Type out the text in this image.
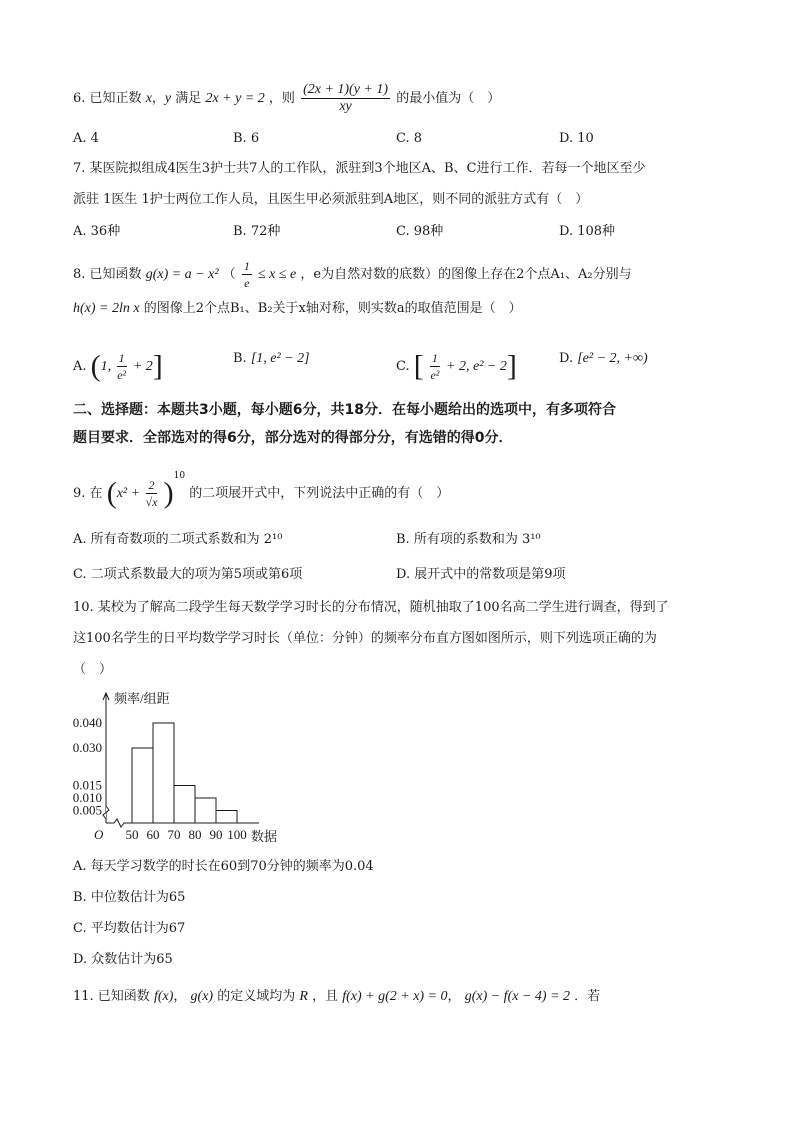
6. 已知正数 x，y 满足 2x + y = 2 ，则 $\frac{(2x + 1)(y + 1)}{xy}$ 的最小值为（　）
A. 4	B. 6	C. 8	D. 10
7. 某医院拟组成4医生3护士共7人的工作队，派驻到3个地区A、B、C进行工作．若每一个地区至少
派驻 1医生 1护士两位工作人员，且医生甲必须派驻到A地区，则不同的派驻方式有（　）
A. 36种	B. 72种	C. 98种	D. 108种
8. 已知函数 g(x) = a − x² （ $\frac{1}{e} \le x \le e$ ，e为自然对数的底数）的图像上存在2个点A₁、A₂分别与
h(x) = 2ln x 的图像上2个点B₁、B₂关于x轴对称，则实数a的取值范围是（　）
A. (1, $\frac{1}{\text{e²}} + 2$]	B. [1, e² − 2]
C. [ $\frac{1}{\text{e²}} + 2$, e² − 2]	D. [e² − 2, +∞)
二、选择题：本题共3小题，每小题6分，共18分．在每小题给出的选项中，有多项符合
题目要求．全部选对的得6分，部分选对的得部分分，有选错的得0分．
9. 在 $(x^2 + \frac{2}{√x} )^{10}$ 的二项展开式中，下列说法中正确的有（　）
A. 所有奇数项的二项式系数和为 2¹⁰	B. 所有项的系数和为 3¹⁰
C. 二项式系数最大的项为第5项或第6项	D. 展开式中的常数项是第9项
10. 某校为了解高二段学生每天数学学习时长的分布情况，随机抽取了100名高二学生进行调查，得到了
这100名学生的日平均数学学习时长（单位：分钟）的频率分布直方图如图所示，则下列选项正确的为
（　）
0.040
0.030
0.015
0.010
0.005
50 60 70 80 90 100
O
频率/组距
数据
A. 每天学习数学的时长在60到70分钟的频率为0.04
B. 中位数估计为65
C. 平均数估计为67
D. 众数估计为65
11. 已知函数 f(x)， g(x) 的定义域均为 R ，且 f(x) + g(2 + x) = 0， g(x) − f(x − 4) = 2 ．若
